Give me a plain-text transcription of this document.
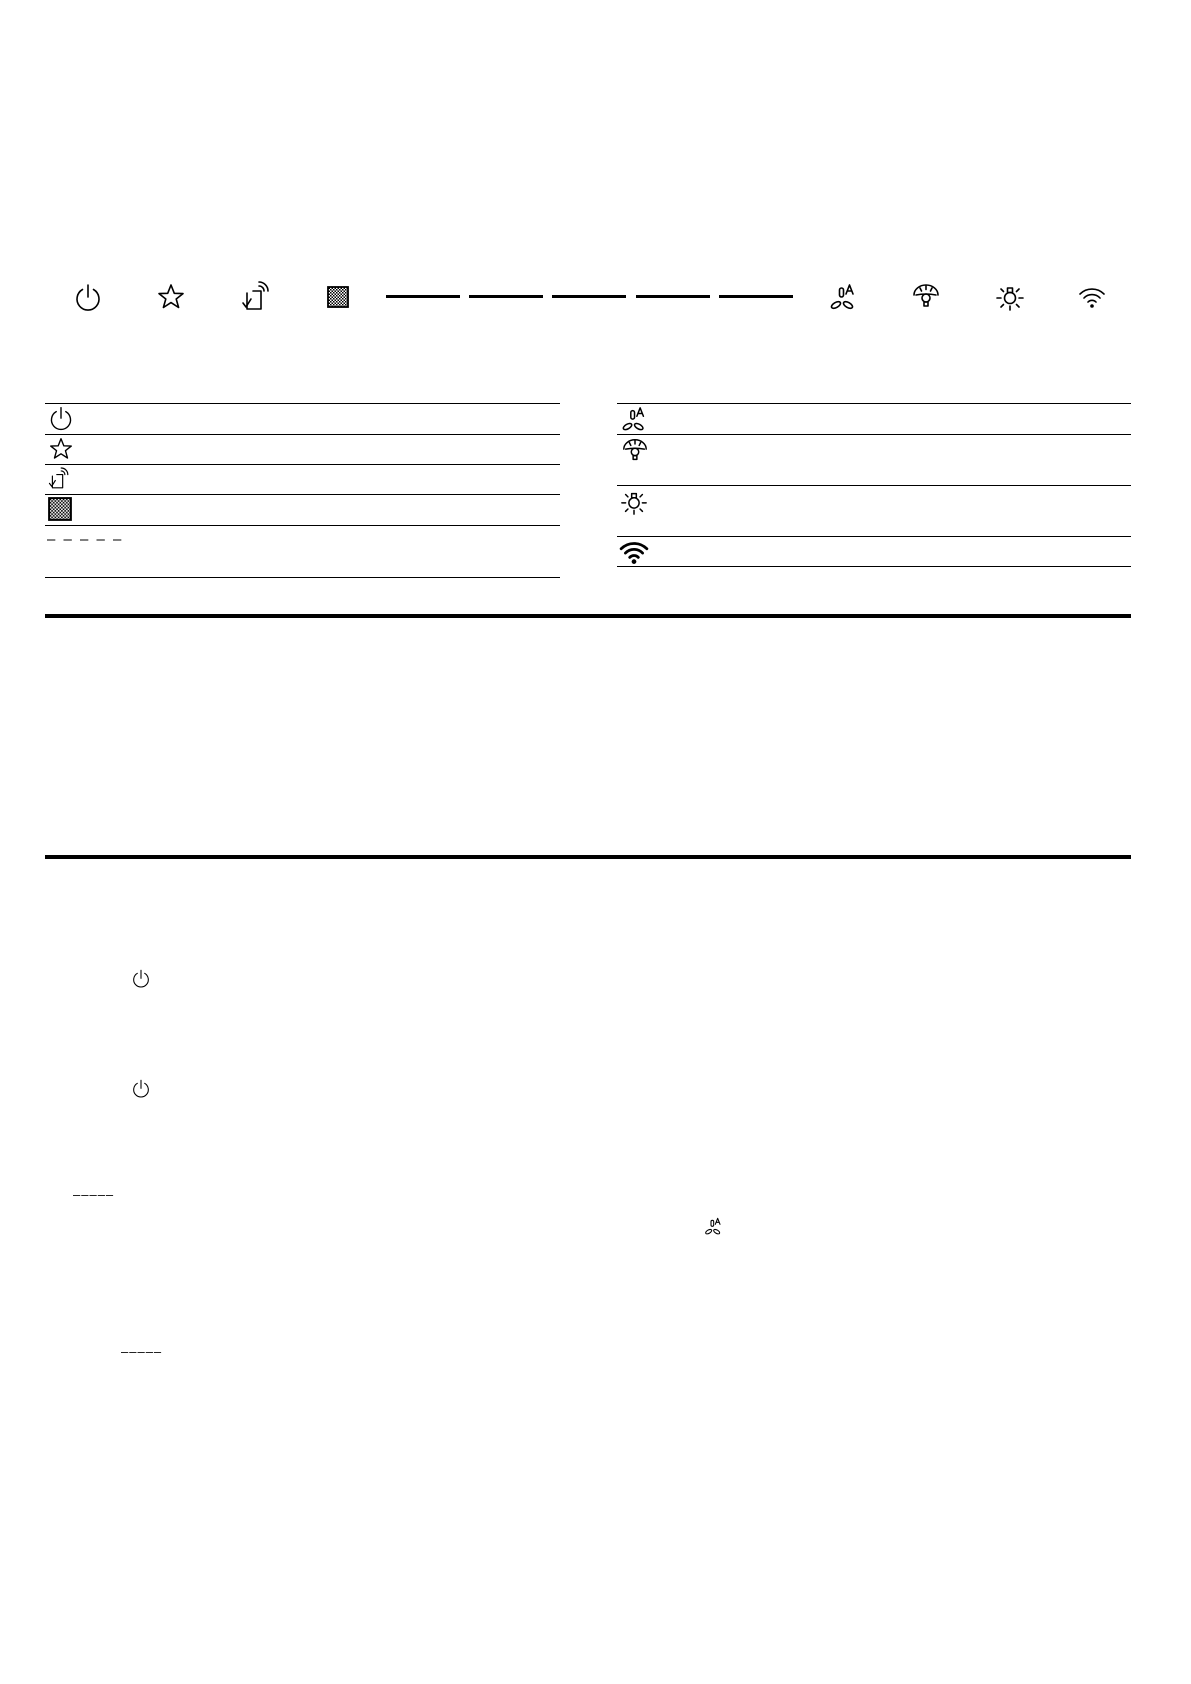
– – – – –
–––––
–––––
